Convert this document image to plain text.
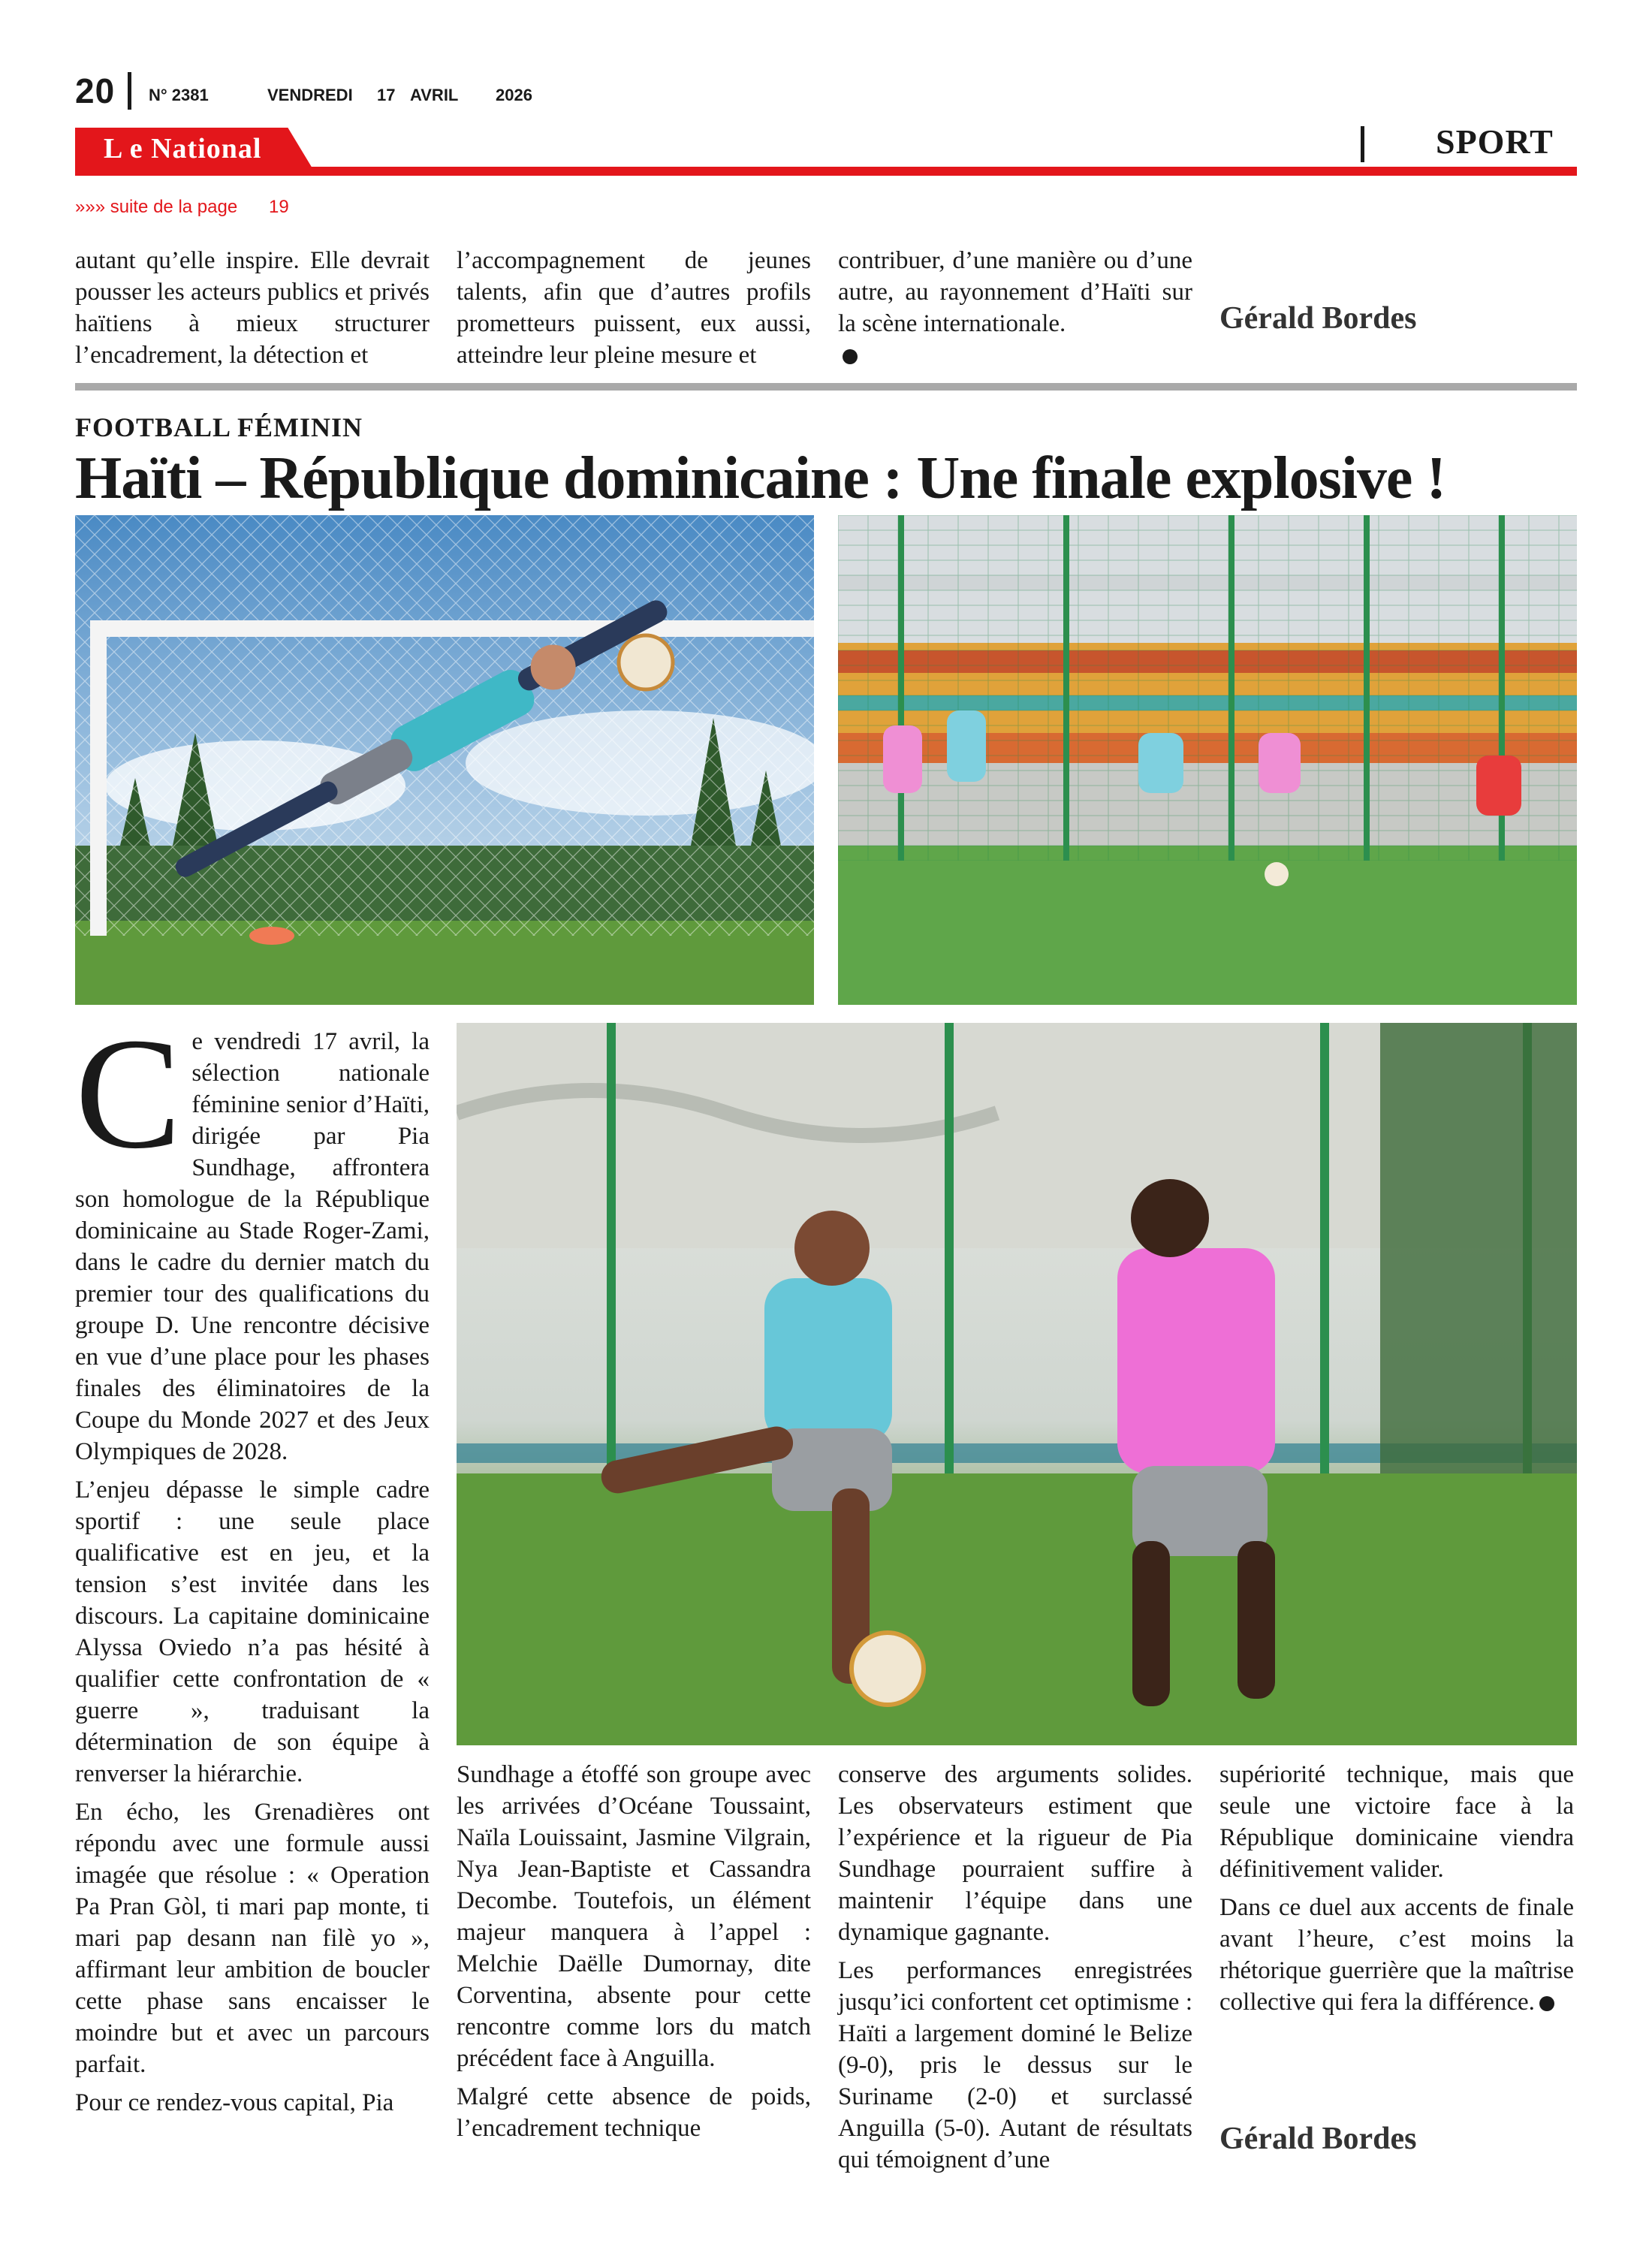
20 N° 2381	VENDREDI 17 AVRIL 2026
L e National	SPORT
»»» suite de la page 19

autant qu’elle inspire. Elle devrait pousser les acteurs publics et privés haïtiens à mieux structurer l’encadrement, la détection et

l’accompagnement de jeunes talents, afin que d’autres profils prometteurs puissent, eux aussi, atteindre leur pleine mesure et

contribuer, d’une manière ou d’une autre, au rayonnement d’Haïti sur la scène internationale.	Gérald Bordes
FOOTBALL FÉMININ
Haïti – République dominicaine : Une finale explosive !

Ce vendredi 17 avril, la sélection nationale féminine senior d’Haïti, dirigée par Pia Sundhage, affrontera son homologue de la République dominicaine au Stade Roger-Zami, dans le cadre du dernier match du premier tour des qualifications du groupe D. Une rencontre décisive en vue d’une place pour les phases finales des éliminatoires de la Coupe du Monde 2027 et des Jeux Olympiques de 2028.

L’enjeu dépasse le simple cadre sportif : une seule place qualificative est en jeu, et la tension s’est invitée dans les discours. La capitaine dominicaine Alyssa Oviedo n’a pas hésité à qualifier cette confrontation de « guerre », traduisant la détermination de son équipe à renverser la hiérarchie.

En écho, les Grenadières ont répondu avec une formule aussi imagée que résolue : « Operation Pa Pran Gòl, ti mari pap monte, ti mari pap desann nan filè yo », affirmant leur ambition de boucler cette phase sans encaisser le moindre but et avec un parcours parfait.

Pour ce rendez-vous capital, Pia

Sundhage a étoffé son groupe avec les arrivées d’Océane Toussaint, Naïla Louissaint, Jasmine Vilgrain, Nya Jean-Baptiste et Cassandra Decombe. Toutefois, un élément majeur manquera à l’appel : Melchie Daëlle Dumornay, dite Corventina, absente pour cette rencontre comme lors du match précédent face à Anguilla.

Malgré cette absence de poids, l’encadrement technique

conserve des arguments solides. Les observateurs estiment que l’expérience et la rigueur de Pia Sundhage pourraient suffire à maintenir l’équipe dans une dynamique gagnante.

Les performances enregistrées jusqu’ici confortent cet optimisme : Haïti a largement dominé le Belize (9-0), pris le dessus sur le Suriname (2-0) et surclassé Anguilla (5-0). Autant de résultats qui témoignent d’une

supériorité technique, mais que seule une victoire face à la République dominicaine viendra définitivement valider.

Dans ce duel aux accents de finale avant l’heure, c’est moins la rhétorique guerrière que la maîtrise collective qui fera la différence.

Gérald Bordes
